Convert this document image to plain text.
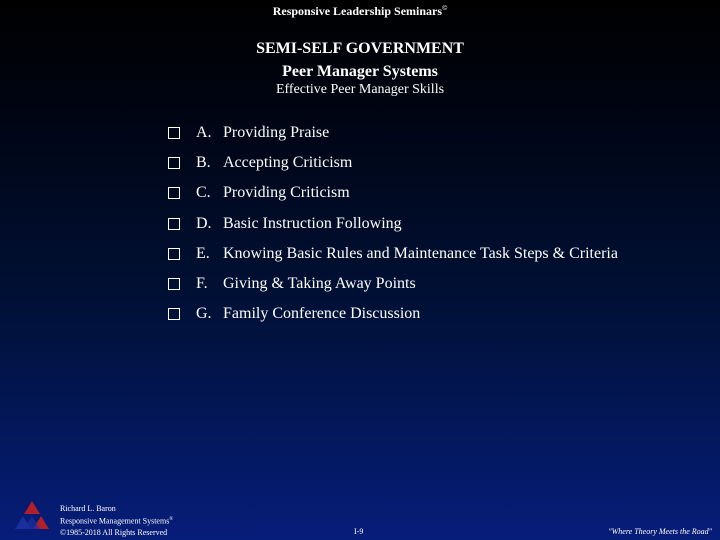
Responsive Leadership Seminars©
SEMI-SELF GOVERNMENT
Peer Manager Systems
Effective Peer Manager Skills
A. Providing Praise
B. Accepting Criticism
C. Providing Criticism
D. Basic Instruction Following
E. Knowing Basic Rules and Maintenance Task Steps & Criteria
F. Giving & Taking Away Points
G. Family Conference Discussion
Richard L. Baron
Responsive Management Systems®
©1985-2018 All Rights Reserved	I-9	"Where Theory Meets the Road"
